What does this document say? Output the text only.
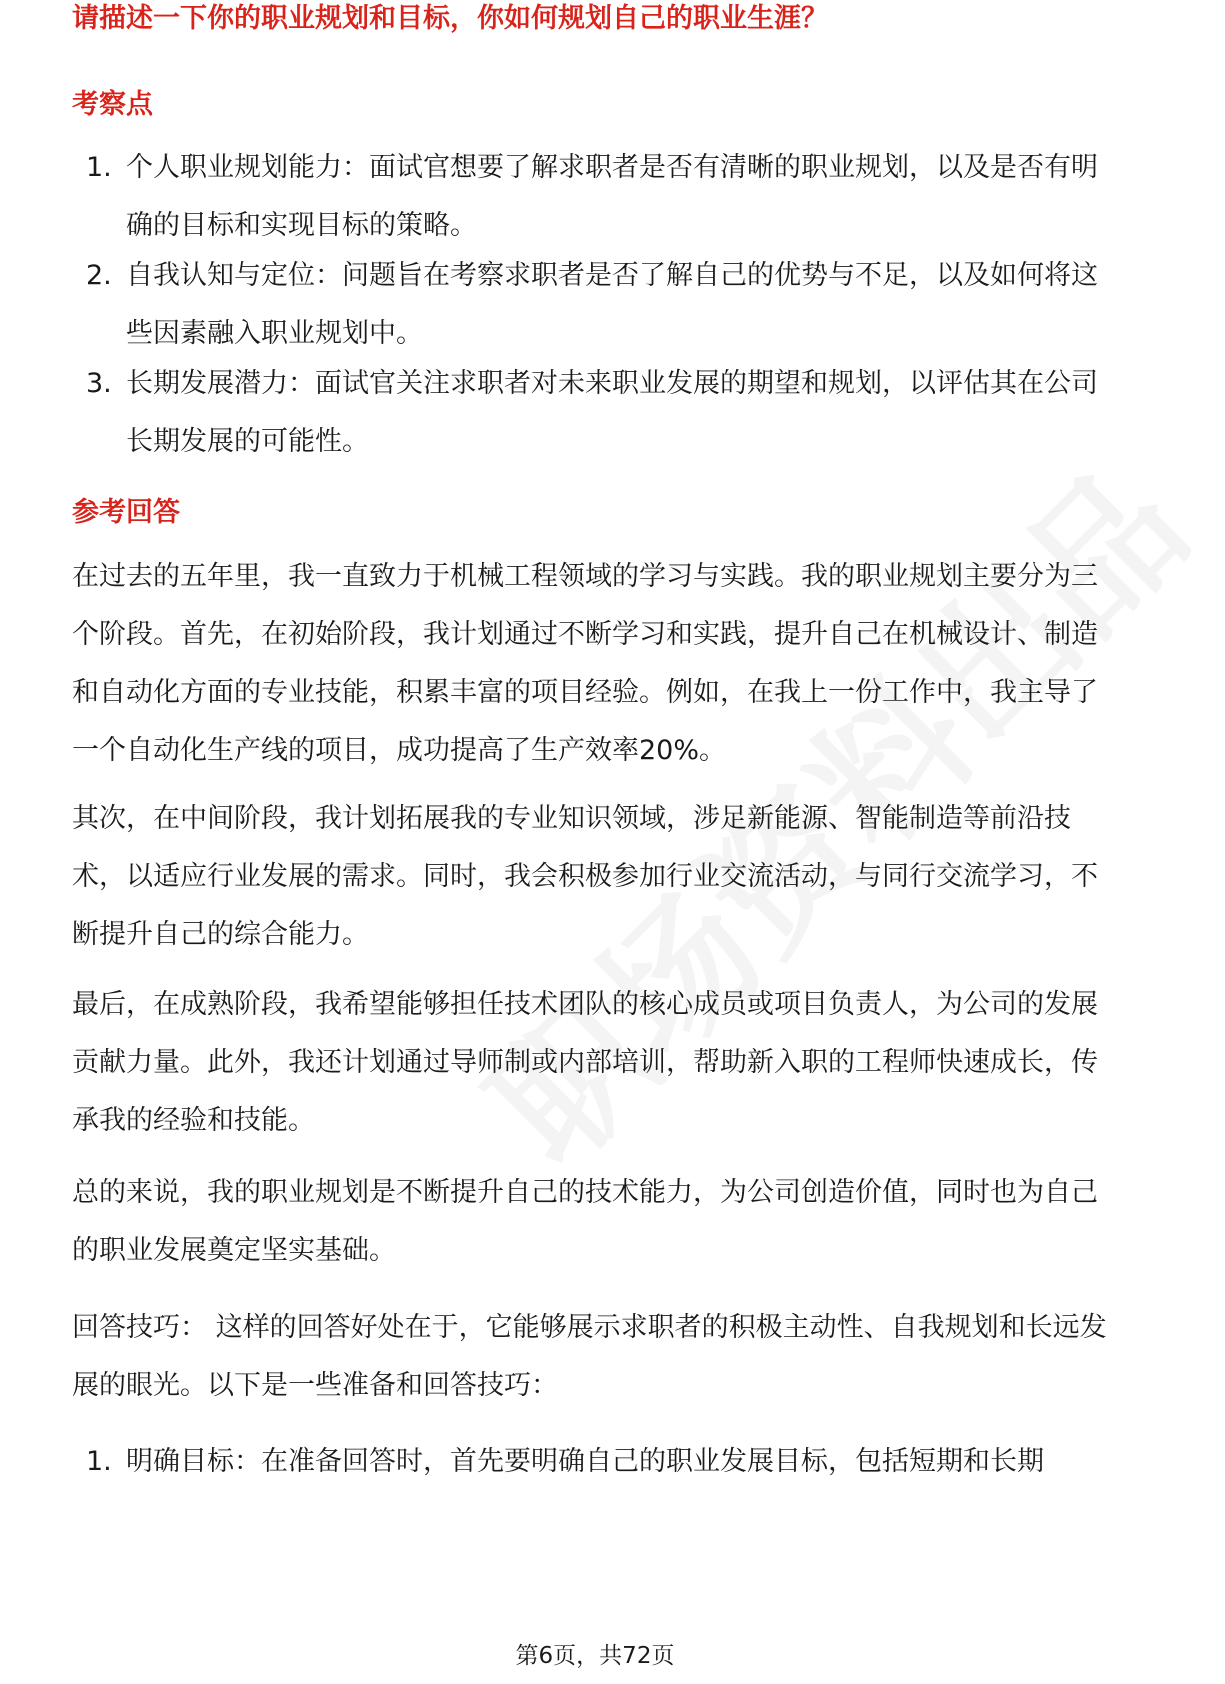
请描述一下你的职业规划和目标，你如何规划自己的职业生涯？
考察点
1. 个人职业规划能力：面试官想要了解求职者是否有清晰的职业规划，以及是否有明确的目标和实现目标的策略。
2. 自我认知与定位：问题旨在考察求职者是否了解自己的优势与不足，以及如何将这些因素融入职业规划中。
3. 长期发展潜力：面试官关注求职者对未来职业发展的期望和规划，以评估其在公司长期发展的可能性。
参考回答

在过去的五年里，我一直致力于机械工程领域的学习与实践。我的职业规划主要分为三个阶段。首先，在初始阶段，我计划通过不断学习和实践，提升自己在机械设计、制造和自动化方面的专业技能，积累丰富的项目经验。例如，在我上一份工作中，我主导了一个自动化生产线的项目，成功提高了生产效率20%。

其次，在中间阶段，我计划拓展我的专业知识领域，涉足新能源、智能制造等前沿技术，以适应行业发展的需求。同时，我会积极参加行业交流活动，与同行交流学习，不断提升自己的综合能力。

最后，在成熟阶段，我希望能够担任技术团队的核心成员或项目负责人，为公司的发展贡献力量。此外，我还计划通过导师制或内部培训，帮助新入职的工程师快速成长，传承我的经验和技能。

总的来说，我的职业规划是不断提升自己的技术能力，为公司创造价值，同时也为自己的职业发展奠定坚实基础。

回答技巧： 这样的回答好处在于，它能够展示求职者的积极主动性、自我规划和长远发展的眼光。以下是一些准备和回答技巧：

1. 明确目标：在准备回答时，首先要明确自己的职业发展目标，包括短期和长期
第6页，共72页
